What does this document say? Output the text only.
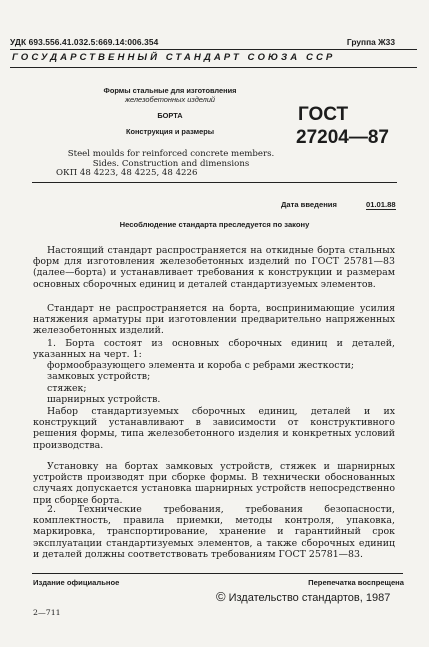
УДК 693.556.41.032.5:669.14:006.354	Группа Ж33
ГОСУДАРСТВЕННЫЙ СТАНДАРТ СОЮЗА ССР
Формы стальные для изготовления
железобетонных изделий
БОРТА
Конструкция и размеры
ГОСТ
27204—87
Steel moulds for reinforced concrete members.
Sides. Construction and dimensions
ОКП 48 4223, 48 4225, 48 4226
Дата введения	01.01.88
Несоблюдение стандарта преследуется по закону
Настоящий стандарт распространяется на откидные борта стальных форм для изготовления железобетонных изделий по ГОСТ 25781—83 (далее—борта) и устанавливает требования к конструкции и размерам основных сборочных единиц и деталей стандартизуемых элементов.
Стандарт не распространяется на борта, воспринимающие усилия натяжения арматуры при изготовлении предварительно напряженных железобетонных изделий.
1. Борта состоят из основных сборочных единиц и деталей, указанных на черт. 1:
формообразующего элемента и короба с ребрами жесткости;
замковых устройств;
стяжек;
шарнирных устройств.
Набор стандартизуемых сборочных единиц, деталей и их конструкций устанавливают в зависимости от конструктивного решения формы, типа железобетонного изделия и конкретных условий производства.
Установку на бортах замковых устройств, стяжек и шарнирных устройств производят при сборке формы. В технически обоснованных случаях допускается установка шарнирных устройств непосредственно при сборке борта.
2. Технические требования, требования безопасности, комплектность, правила приемки, методы контроля, упаковка, маркировка, транспортирование, хранение и гарантийный срок эксплуатации стандартизуемых элементов, а также сборочных единиц и деталей должны соответствовать требованиям ГОСТ 25781—83.
Издание официальное	Перепечатка воспрещена
© Издательство стандартов, 1987
2—711
